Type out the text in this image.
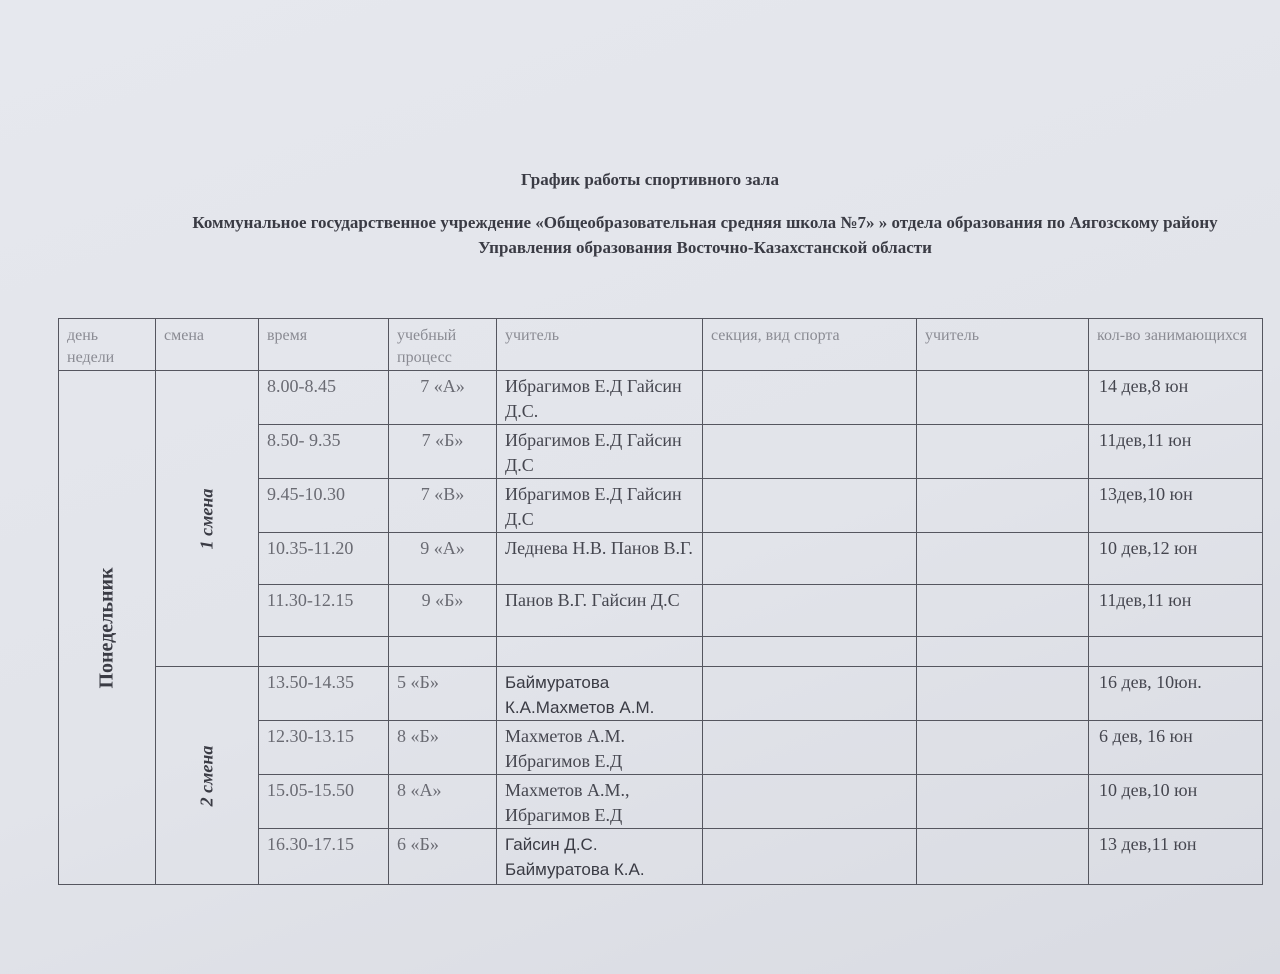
График работы спортивного зала
Коммунальное государственное учреждение «Общеобразовательная средняя школа №7» » отдела образования по Аягозскому району Управления образования Восточно-Казахстанской области
день недели	смена	время	учебный процесс	учитель	секция, вид спорта	учитель	кол-во занимающихся

Понедельник	1 смена	8.00-8.45	7 «А»	Ибрагимов Е.Д Гайсин Д.С.			14 дев,8 юн
		8.50- 9.35	7 «Б»	Ибрагимов Е.Д Гайсин Д.С			11дев,11 юн
		9.45-10.30	7 «В»	Ибрагимов Е.Д Гайсин Д.С			13дев,10 юн
		10.35-11.20	9 «А»	Леднева Н.В. Панов В.Г.			10 дев,12 юн
		11.30-12.15	9 «Б»	Панов В.Г. Гайсин Д.С			11дев,11 юн

	2 смена	13.50-14.35	5 «Б»	Баймуратова К.А.Махметов А.М.			16 дев, 10юн.
		12.30-13.15	8 «Б»	Махметов А.М. Ибрагимов Е.Д			6 дев, 16 юн
		15.05-15.50	8 «А»	Махметов А.М., Ибрагимов Е.Д			10 дев,10 юн
		16.30-17.15	6 «Б»	Гайсин Д.С. Баймуратова К.А.			13 дев,11 юн
